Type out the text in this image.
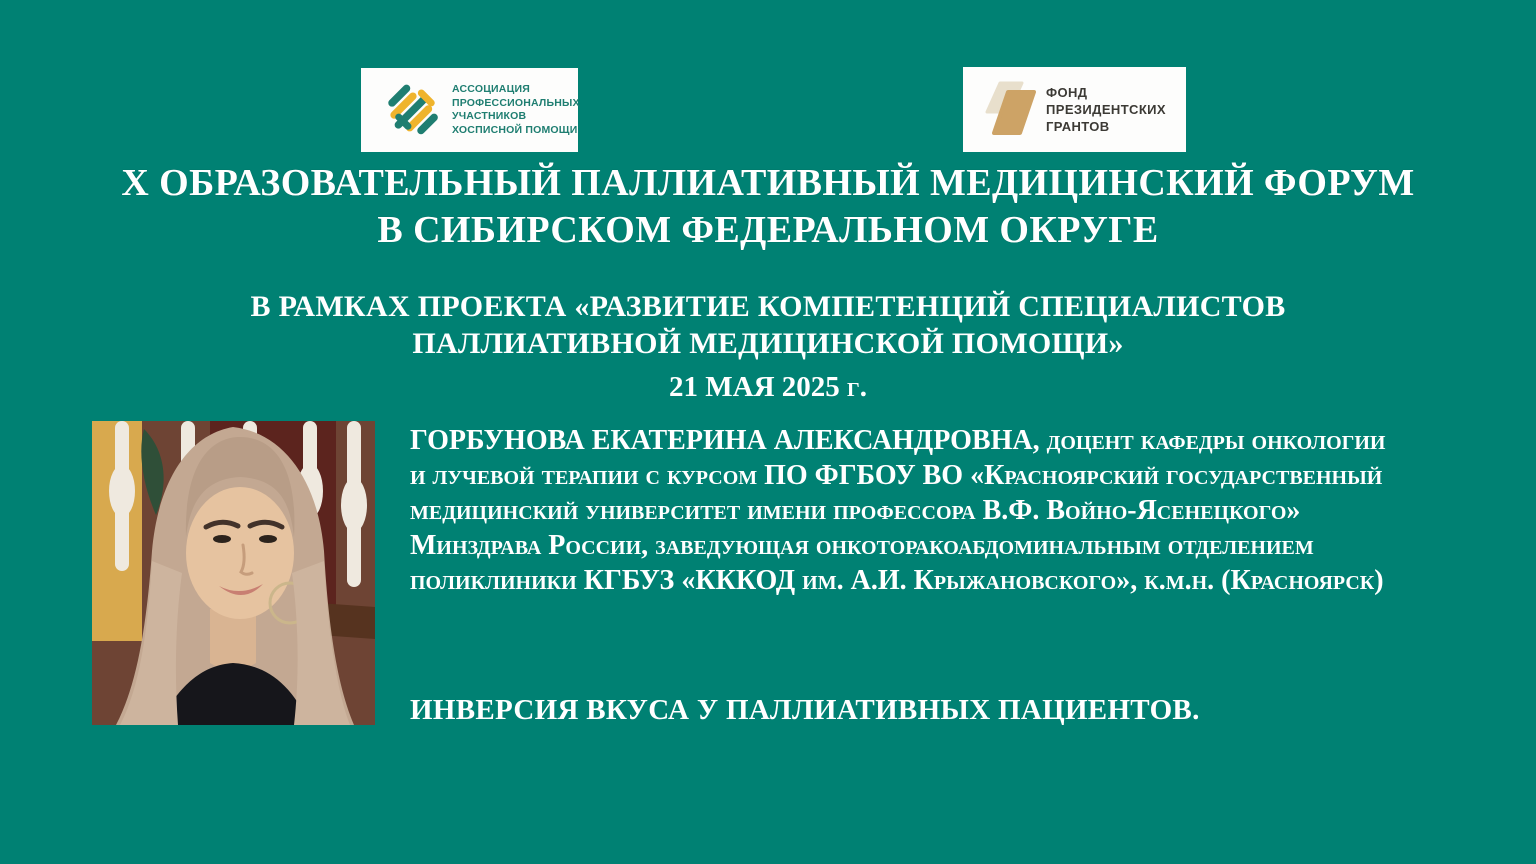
АССОЦИАЦИЯ
ПРОФЕССИОНАЛЬНЫХ
УЧАСТНИКОВ
ХОСПИСНОЙ ПОМОЩИ
ФОНД
ПРЕЗИДЕНТСКИХ
ГРАНТОВ
X ОБРАЗОВАТЕЛЬНЫЙ ПАЛЛИАТИВНЫЙ МЕДИЦИНСКИЙ ФОРУМ
В СИБИРСКОМ ФЕДЕРАЛЬНОМ ОКРУГЕ
В РАМКАХ ПРОЕКТА «РАЗВИТИЕ КОМПЕТЕНЦИЙ СПЕЦИАЛИСТОВ
ПАЛЛИАТИВНОЙ МЕДИЦИНСКОЙ ПОМОЩИ»
21 МАЯ 2025 г.
ГОРБУНОВА ЕКАТЕРИНА АЛЕКСАНДРОВНА, доцент кафедры онкологии
и лучевой терапии с курсом ПО ФГБОУ ВО «Красноярский государственный
медицинский университет имени профессора В.Ф. Войно-Ясенецкого»
Минздрава России, заведующая онкоторакоабдоминальным отделением
поликлиники КГБУЗ «КККОД им. А.И. Крыжановского», к.м.н. (Красноярск)
ИНВЕРСИЯ ВКУСА У ПАЛЛИАТИВНЫХ ПАЦИЕНТОВ.
